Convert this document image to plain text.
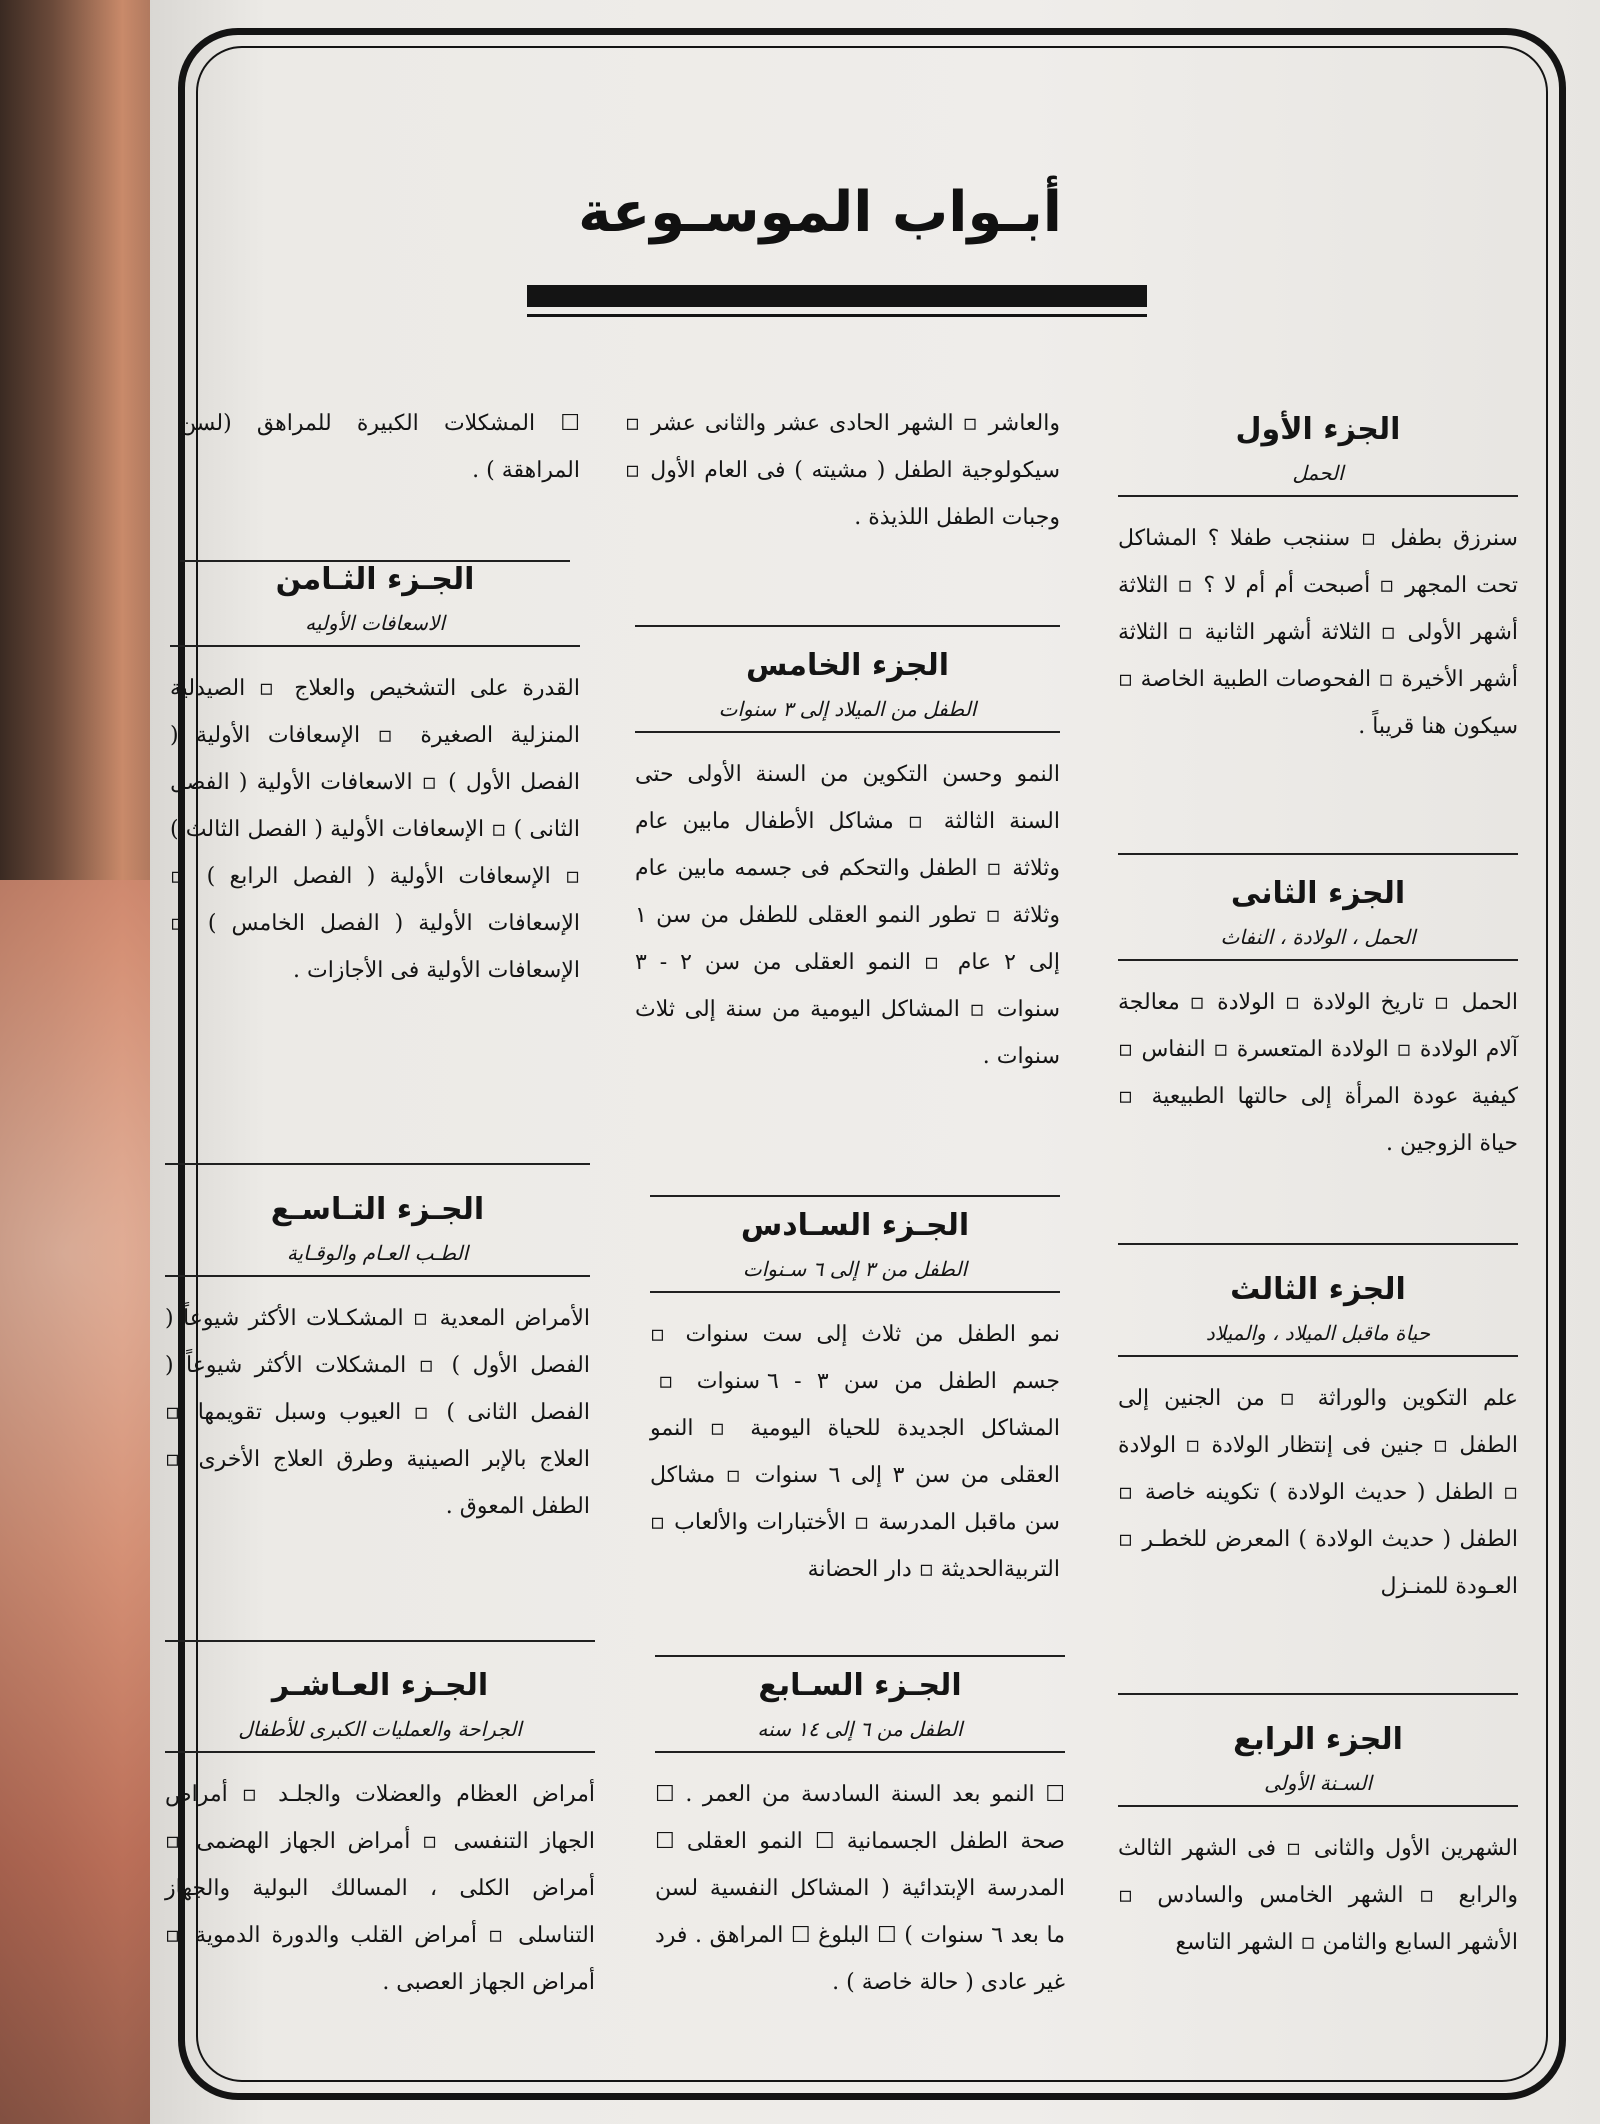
أبـواب الموسـوعة
الجزء الأول
الحمل
سنرزق بطفل ▫ سننجب طفلا ؟ المشاكل تحت المجهر ▫ أصبحت أم أم لا ؟ ▫ الثلاثة أشهر الأولى ▫ الثلاثة أشهر الثانية ▫ الثلاثة أشهر الأخيرة ▫ الفحوصات الطبية الخاصة ▫ سيكون هنا قريباً .
الجزء الثانى
الحمل ، الولادة ، النفاث
الحمل ▫ تاريخ الولادة ▫ الولادة ▫ معالجة آلام الولادة ▫ الولادة المتعسرة ▫ النفاس ▫ كيفية عودة المرأة إلى حالتها الطبيعية ▫ حياة الزوجين .
الجزء الثالث
حياة ماقبل الميلاد ، والميلاد
علم التكوين والوراثة ▫ من الجنين إلى الطفل ▫ جنين فى إنتظار الولادة ▫ الولادة ▫ الطفل ( حديث الولادة ) تكوينه خاصة ▫ الطفل ( حديث الولادة ) المعرض للخطـر ▫ العـودة للمنـزل
الجزء الرابع
السـنة الأولى
الشهرين الأول والثانى ▫ فى الشهر الثالث والرابع ▫ الشهر الخامس والسادس ▫ الأشهر السابع والثامن ▫ الشهر التاسع
والعاشر ▫ الشهر الحادى عشر والثانى عشر ▫ سيكولوجية الطفل ( مشيته ) فى العام الأول ▫ وجبات الطفل اللذيذة .
الجزء الخامس
الطفل من الميلاد إلى ٣ سنوات
النمو وحسن التكوين من السنة الأولى حتى السنة الثالثة ▫ مشاكل الأطفال مابين عام وثلاثة ▫ الطفل والتحكم فى جسمه مابين عام وثلاثة ▫ تطور النمو العقلى للطفل من سن ١ إلى ٢ عام ▫ النمو العقلى من سن ٢ - ٣ سنوات ▫ المشاكل اليومية من سنة إلى ثلاث سنوات .
الجـزء السـادس
الطفل من ٣ إلى ٦ سـنوات
نمو الطفل من ثلاث إلى ست سنوات ▫ جسم الطفل من سن ٣ - ٦ سنوات ▫ المشاكل الجديدة للحياة اليومية ▫ النمو العقلى من سن ٣ إلى ٦ سنوات ▫ مشاكل سن ماقبل المدرسة ▫ الأختبارات والألعاب ▫ التربيةالحديثة ▫ دار الحضانة
الجـزء السـابع
الطفل من ٦ إلى ١٤ سنه
☐ النمو بعد السنة السادسة من العمر . ☐ صحة الطفل الجسمانية ☐ النمو العقلى ☐ المدرسة الإبتدائية ( المشاكل النفسية لسن ما بعد ٦ سنوات ) ☐ البلوغ ☐ المراهق . فرد غير عادى ( حالة خاصة ) .
☐ المشكلات الكبيرة للمراهق (لسن المراهقة ) .
الجـزء الثـامن
الاسعافات الأوليه
القدرة على التشخيص والعلاج ▫ الصيدلية المنزلية الصغيرة ▫ الإسعافات الأولية ( الفصل الأول ) ▫ الاسعافات الأولية ( الفصل الثانى ) ▫ الإسعافات الأولية ( الفصل الثالث ) ▫ الإسعافات الأولية ( الفصل الرابع ) ▫ الإسعافات الأولية ( الفصل الخامس ) ▫ الإسعافات الأولية فى الأجازات .
الجـزء التـاسـع
الطـب العـام والوقـاية
الأمراض المعدية ▫ المشكـلات الأكثر شيوعاً ( الفصل الأول ) ▫ المشكلات الأكثر شيوعاً ( الفصل الثانى ) ▫ العيوب وسبل تقويمها ▫ العلاج بالإبر الصينية وطرق العلاج الأخرى ▫ الطفل المعوق .
الجـزء العـاشـر
الجراحة والعمليات الكبرى للأطفال
أمراض العظام والعضلات والجلـد ▫ أمراض الجهاز التنفسى ▫ أمراض الجهاز الهضمى ▫ أمراض الكلى ، المسالك البولية والجهاز التناسلى ▫ أمراض القلب والدورة الدموية ▫ أمراض الجهاز العصبى .
